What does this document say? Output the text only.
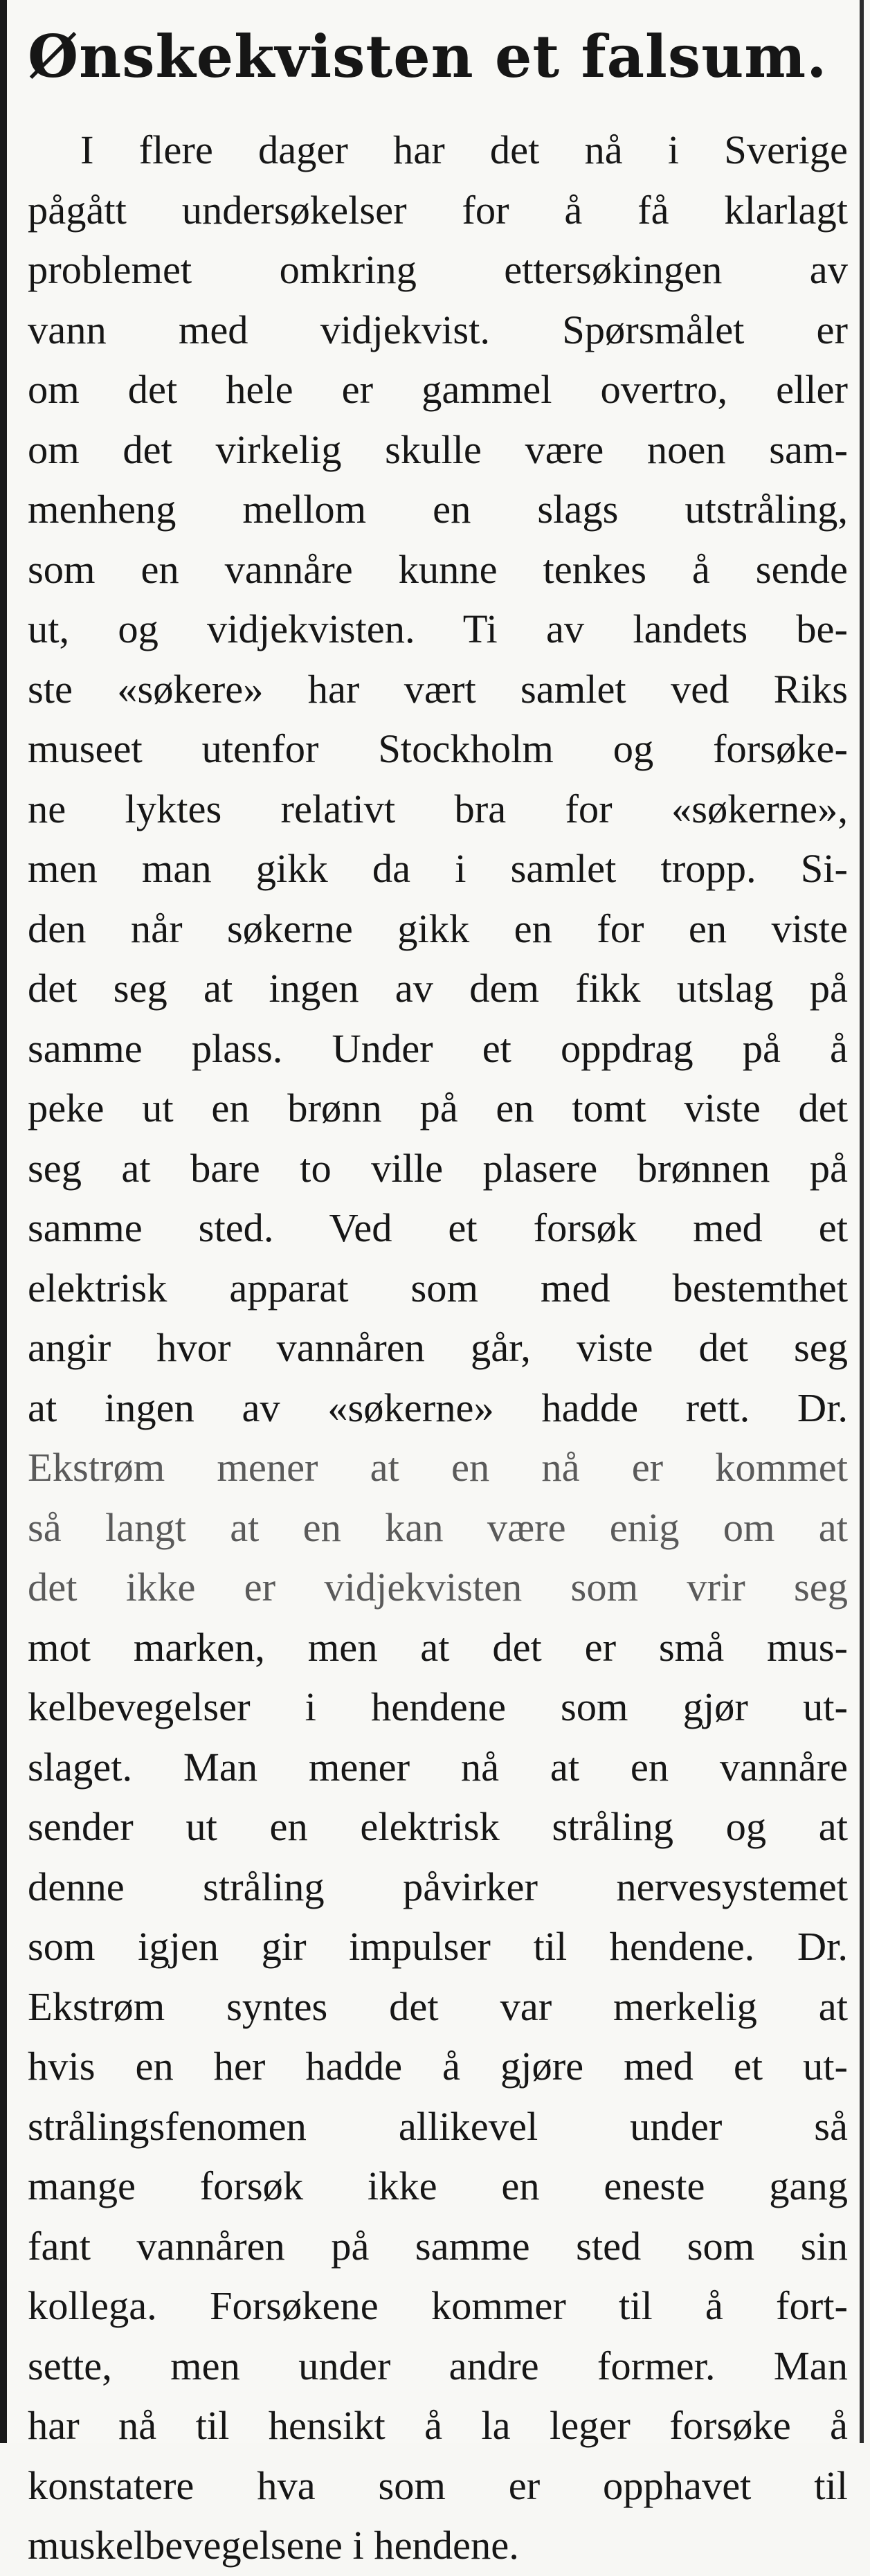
Ønskekvisten et falsum.
I flere dager har det nå i Sverige
pågått undersøkelser for å få klarlagt
problemet omkring ettersøkingen av
vann med vidjekvist. Spørsmålet er
om det hele er gammel overtro, eller
om det virkelig skulle være noen sam-
menheng mellom en slags utstråling,
som en vannåre kunne tenkes å sende
ut, og vidjekvisten. Ti av landets be-
ste «søkere» har vært samlet ved Riks
museet utenfor Stockholm og forsøke-
ne lyktes relativt bra for «søkerne»,
men man gikk da i samlet tropp. Si-
den når søkerne gikk en for en viste
det seg at ingen av dem fikk utslag på
samme plass. Under et oppdrag på å
peke ut en brønn på en tomt viste det
seg at bare to ville plasere brønnen på
samme sted. Ved et forsøk med et
elektrisk apparat som med bestemthet
angir hvor vannåren går, viste det seg
at ingen av «søkerne» hadde rett. Dr.
Ekstrøm mener at en nå er kommet
så langt at en kan være enig om at
det ikke er vidjekvisten som vrir seg
mot marken, men at det er små mus-
kelbevegelser i hendene som gjør ut-
slaget. Man mener nå at en vannåre
sender ut en elektrisk stråling og at
denne stråling påvirker nervesystemet
som igjen gir impulser til hendene. Dr.
Ekstrøm syntes det var merkelig at
hvis en her hadde å gjøre med et ut-
strålingsfenomen allikevel under så
mange forsøk ikke en eneste gang
fant vannåren på samme sted som sin
kollega. Forsøkene kommer til å fort-
sette, men under andre former. Man
har nå til hensikt å la leger forsøke å
konstatere hva som er opphavet til
muskelbevegelsene i hendene.
